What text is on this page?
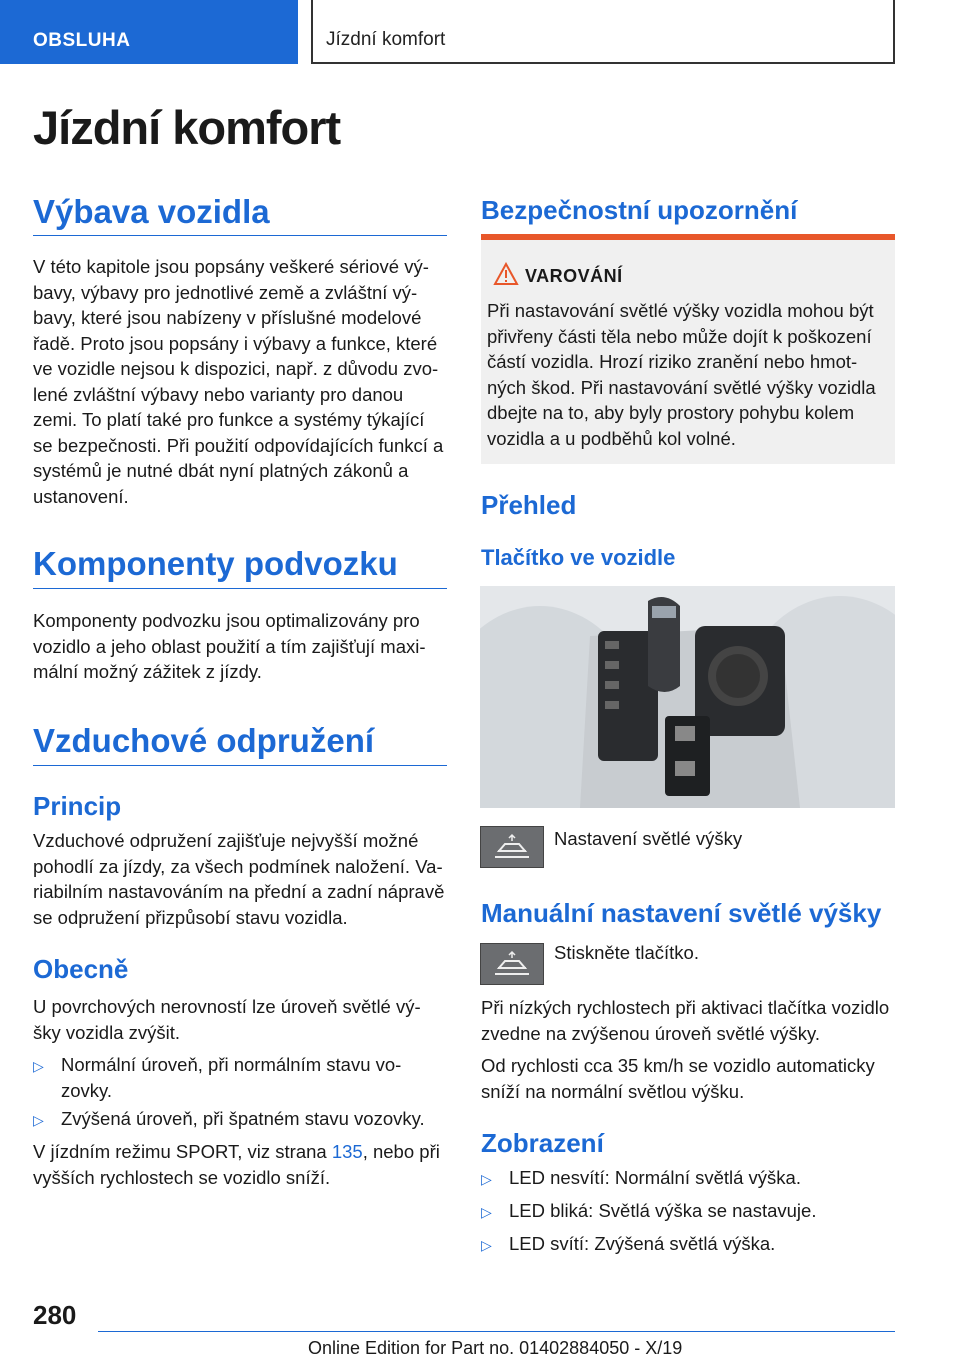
OBSLUHA	Jízdní komfort
Jízdní komfort
Výbava vozidla
V této kapitole jsou popsány veškeré sériové vý-
bavy, výbavy pro jednotlivé země a zvláštní vý-
bavy, které jsou nabízeny v příslušné modelové
řadě. Proto jsou popsány i výbavy a funkce, které
ve vozidle nejsou k dispozici, např. z důvodu zvo-
lené zvláštní výbavy nebo varianty pro danou
zemi. To platí také pro funkce a systémy týkající
se bezpečnosti. Při použití odpovídajících funkcí a
systémů je nutné dbát nyní platných zákonů a
ustanovení.
Komponenty podvozku
Komponenty podvozku jsou optimalizovány pro
vozidlo a jeho oblast použití a tím zajišťují maxi-
mální možný zážitek z jízdy.
Vzduchové odpružení
Princip
Vzduchové odpružení zajišťuje nejvyšší možné
pohodlí za jízdy, za všech podmínek naložení. Va-
riabilním nastavováním na přední a zadní nápravě
se odpružení přizpůsobí stavu vozidla.
Obecně
U povrchových nerovností lze úroveň světlé vý-
šky vozidla zvýšit.
▷ Normální úroveň, při normálním stavu vo-
zovky.
▷ Zvýšená úroveň, při špatném stavu vozovky.
V jízdním režimu SPORT, viz strana 135, nebo při
vyšších rychlostech se vozidlo sníží.
Bezpečnostní upozornění
VAROVÁNÍ
Při nastavování světlé výšky vozidla mohou být
přivřeny části těla nebo může dojít k poškození
částí vozidla. Hrozí riziko zranění nebo hmot-
ných škod. Při nastavování světlé výšky vozidla
dbejte na to, aby byly prostory pohybu kolem
vozidla a u podběhů kol volné.
Přehled
Tlačítko ve vozidle
Nastavení světlé výšky
Manuální nastavení světlé výšky
Stiskněte tlačítko.
Při nízkých rychlostech při aktivaci tlačítka vozidlo
zvedne na zvýšenou úroveň světlé výšky.
Od rychlosti cca 35 km/h se vozidlo automaticky
sníží na normální světlou výšku.
Zobrazení
▷ LED nesvítí: Normální světlá výška.
▷ LED bliká: Světlá výška se nastavuje.
▷ LED svítí: Zvýšená světlá výška.
280
Online Edition for Part no. 01402884050 - X/19
